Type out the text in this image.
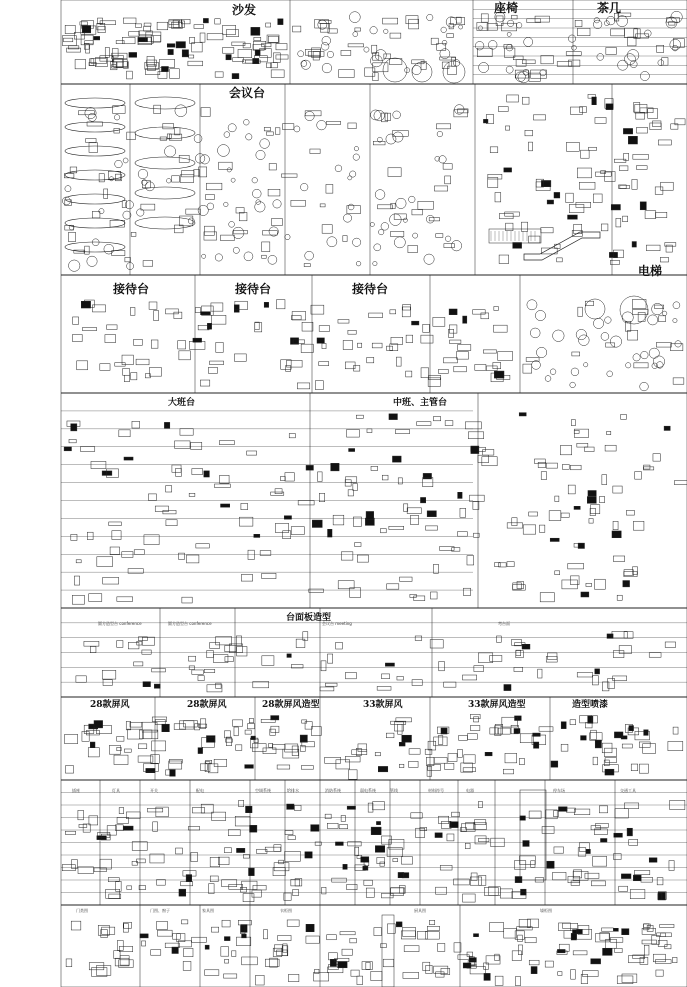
沙发	座椅	茶几
会议台
电梯
接待台	接待台	接待台
大班台	中班、主管台
台面板造型
圆方造型台 conference	圆方造型台 conference	会议台 meeting	弯台面
28款屏风	28款屏风	28款屏风造型	33款屏风	33款屏风造型	造型喷漆
插座	灯具	开关	配电	空调系统	给排水	消防系统	弱电系统	管线	材料符号	电器	停车场	交通工具
门类图	门图、窗子	家具图	衣柜图	厨具图	墙柜图
